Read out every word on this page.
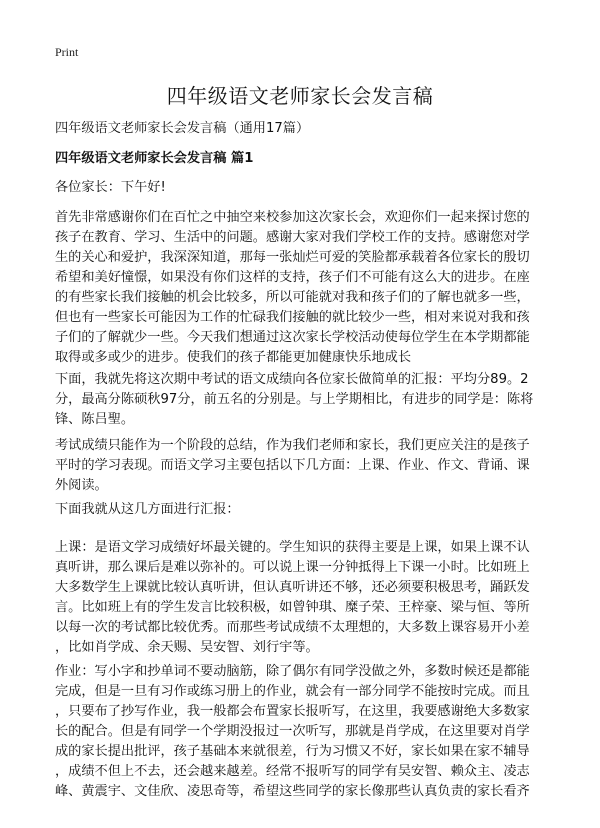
Print
四年级语文老师家长会发言稿
四年级语文老师家长会发言稿（通用17篇）
四年级语文老师家长会发言稿 篇1
各位家长：下午好!
首先非常感谢你们在百忙之中抽空来校参加这次家长会，欢迎你们一起来探讨您的
孩子在教育、学习、生活中的问题。感谢大家对我们学校工作的支持。感谢您对学
生的关心和爱护，我深深知道，那每一张灿烂可爱的笑脸都承载着各位家长的殷切
希望和美好憧憬，如果没有你们这样的支持，孩子们不可能有这么大的进步。在座
的有些家长我们接触的机会比较多，所以可能就对我和孩子们的了解也就多一些，
但也有一些家长可能因为工作的忙碌我们接触的就比较少一些，相对来说对我和孩
子们的了解就少一些。今天我们想通过这次家长学校活动使每位学生在本学期都能
取得或多或少的进步。使我们的孩子都能更加健康快乐地成长
下面，我就先将这次期中考试的语文成绩向各位家长做简单的汇报：平均分89。2
分，最高分陈硕秋97分，前五名的分别是。与上学期相比，有进步的同学是：陈将
锋、陈吕聖。
考试成绩只能作为一个阶段的总结，作为我们老师和家长，我们更应关注的是孩子
平时的学习表现。而语文学习主要包括以下几方面：上课、作业、作文、背诵、课
外阅读。
下面我就从这几方面进行汇报：
上课：是语文学习成绩好坏最关键的。学生知识的获得主要是上课，如果上课不认
真听讲，那么课后是难以弥补的。可以说上课一分钟抵得上下课一小时。比如班上
大多数学生上课就比较认真听讲，但认真听讲还不够，还必须要积极思考，踊跃发
言。比如班上有的学生发言比较积极，如曾钟琪、糜子荣、王梓豪、梁与恒、等所
以每一次的考试都比较优秀。而那些考试成绩不太理想的，大多数上课容易开小差
，比如肖学成、余天赐、吴安智、刘行宇等。
作业：写小字和抄单词不要动脑筋，除了偶尔有同学没做之外，多数时候还是都能
完成，但是一旦有习作或练习册上的作业，就会有一部分同学不能按时完成。而且
，只要布了抄写作业，我一般都会布置家长报听写，在这里，我要感谢绝大多数家
长的配合。但是有同学一个学期没报过一次听写，那就是肖学成，在这里要对肖学
成的家长提出批评，孩子基础本来就很差，行为习惯又不好，家长如果在家不辅导
，成绩不但上不去，还会越来越差。经常不报听写的同学有吴安智、赖众主、凌志
峰、黄震宇、文佳欣、凌思奇等，希望这些同学的家长像那些认真负责的家长看齐
